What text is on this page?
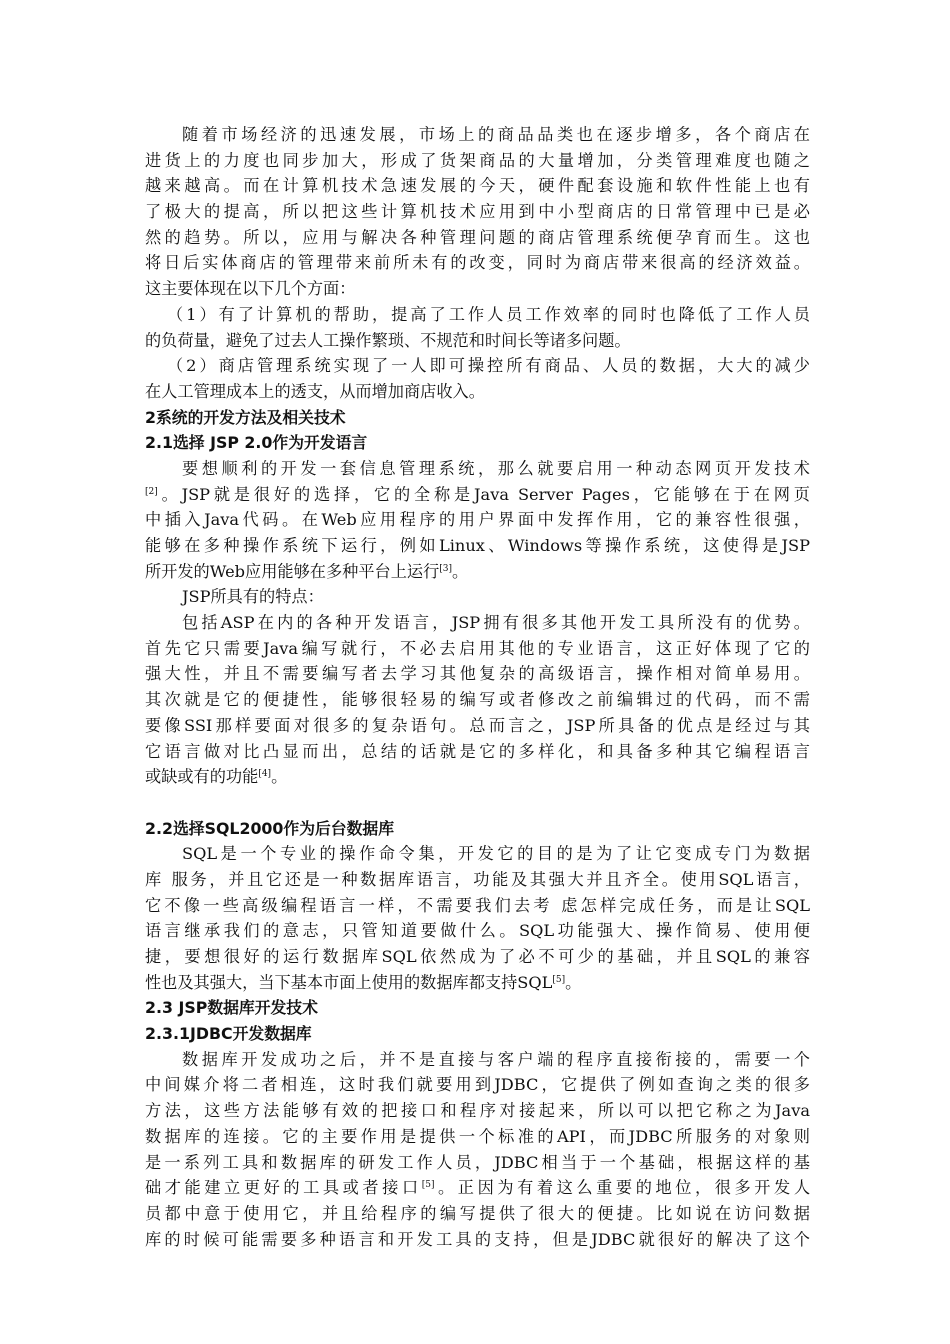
随着市场经济的迅速发展，市场上的商品品类也在逐步增多，各个商店在
进货上的力度也同步加大，形成了货架商品的大量增加，分类管理难度也随之
越来越高。而在计算机技术急速发展的今天，硬件配套设施和软件性能上也有
了极大的提高，所以把这些计算机技术应用到中小型商店的日常管理中已是必
然的趋势。所以，应用与解决各种管理问题的商店管理系统便孕育而生。这也
将日后实体商店的管理带来前所未有的改变，同时为商店带来很高的经济效益。
这主要体现在以下几个方面：
（1）有了计算机的帮助，提高了工作人员工作效率的同时也降低了工作人员
的负荷量，避免了过去人工操作繁琐、不规范和时间长等诸多问题。
（2）商店管理系统实现了一人即可操控所有商品、人员的数据，大大的减少
在人工管理成本上的透支，从而增加商店收入。
2系统的开发方法及相关技术
2.1选择 JSP 2.0作为开发语言
要想顺利的开发一套信息管理系统，那么就要启用一种动态网页开发技术
[2]。JSP就是很好的选择，它的全称是Java Server Pages，它能够在于在网页
中插入Java代码。在Web应用程序的用户界面中发挥作用，它的兼容性很强，
能够在多种操作系统下运行，例如Linux、Windows等操作系统，这使得是JSP
所开发的Web应用能够在多种平台上运行[3]。
JSP所具有的特点：
包括ASP在内的各种开发语言，JSP拥有很多其他开发工具所没有的优势。
首先它只需要Java编写就行，不必去启用其他的专业语言，这正好体现了它的
强大性，并且不需要编写者去学习其他复杂的高级语言，操作相对简单易用。
其次就是它的便捷性，能够很轻易的编写或者修改之前编辑过的代码，而不需
要像SSI那样要面对很多的复杂语句。总而言之，JSP所具备的优点是经过与其
它语言做对比凸显而出，总结的话就是它的多样化，和具备多种其它编程语言
或缺或有的功能[4]。
2.2选择SQL2000作为后台数据库
SQL是一个专业的操作命令集，开发它的目的是为了让它变成专门为数据
库 服务，并且它还是一种数据库语言，功能及其强大并且齐全。使用SQL语言，
它不像一些高级编程语言一样，不需要我们去考 虑怎样完成任务，而是让SQL
语言继承我们的意志，只管知道要做什么。SQL功能强大、操作简易、使用便
捷，要想很好的运行数据库SQL依然成为了必不可少的基础，并且SQL的兼容
性也及其强大，当下基本市面上使用的数据库都支持SQL[5]。
2.3 JSP数据库开发技术
2.3.1JDBC开发数据库
数据库开发成功之后，并不是直接与客户端的程序直接衔接的，需要一个
中间媒介将二者相连，这时我们就要用到JDBC，它提供了例如查询之类的很多
方法，这些方法能够有效的把接口和程序对接起来，所以可以把它称之为Java
数据库的连接。它的主要作用是提供一个标准的API，而JDBC所服务的对象则
是一系列工具和数据库的研发工作人员，JDBC相当于一个基础，根据这样的基
础才能建立更好的工具或者接口[5]。正因为有着这么重要的地位，很多开发人
员都中意于使用它，并且给程序的编写提供了很大的便捷。比如说在访问数据
库的时候可能需要多种语言和开发工具的支持，但是JDBC就很好的解决了这个
